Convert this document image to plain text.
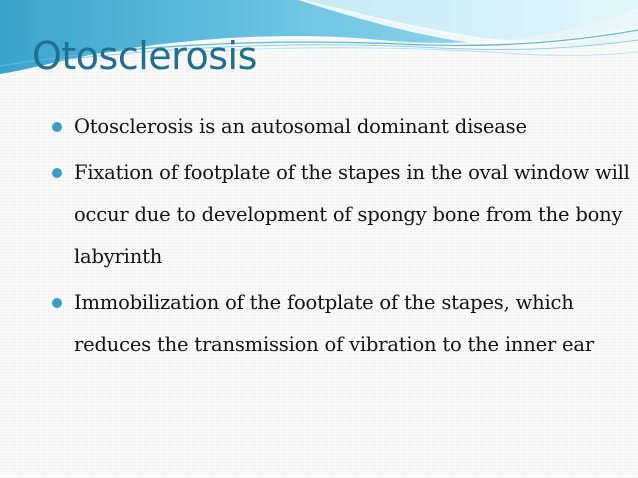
Otosclerosis
Otosclerosis is an autosomal dominant disease
Fixation of footplate of the stapes in the oval window will occur due to development of spongy bone from the bony labyrinth
Immobilization of the footplate of the stapes, which reduces the transmission of vibration to the inner ear
